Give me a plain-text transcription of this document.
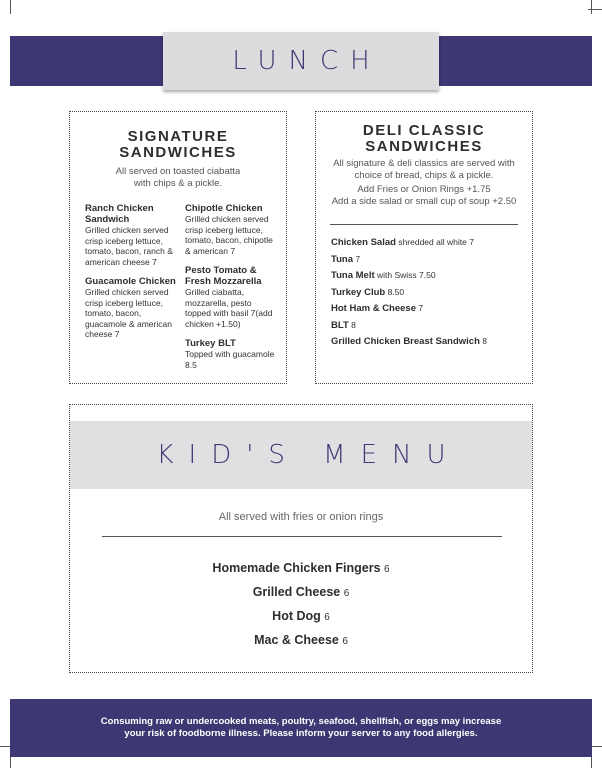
LUNCH
SIGNATURE
SANDWICHES
All served on toasted ciabatta
with chips & a pickle.
Ranch Chicken Sandwich
Grilled chicken served crisp iceberg lettuce, tomato, bacon, ranch & american cheese 7
Guacamole Chicken
Grilled chicken served crisp iceberg lettuce, tomato, bacon, guacamole & american cheese 7
Chipotle Chicken
Grilled chicken served crisp iceberg lettuce, tomato, bacon, chipotle & american 7
Pesto Tomato & Fresh Mozzarella
Grilled ciabatta, mozzarella, pesto topped with basil 7(add chicken +1.50)
Turkey BLT
Topped with guacamole 8.5
DELI CLASSIC
SANDWICHES
All signature & deli classics are served with
choice of bread, chips & a pickle.
Add Fries or Onion Rings +1.75
Add a side salad or small cup of soup +2.50
Chicken Salad shredded all white 7
Tuna 7
Tuna Melt with Swiss 7.50
Turkey Club 8.50
Hot Ham & Cheese 7
BLT 8
Grilled Chicken Breast Sandwich 8
KID'S MENU
All served with fries or onion rings
Homemade Chicken Fingers 6
Grilled Cheese 6
Hot Dog 6
Mac & Cheese 6
Consuming raw or undercooked meats, poultry, seafood, shellfish, or eggs may increase
your risk of foodborne illness. Please inform your server to any food allergies.
